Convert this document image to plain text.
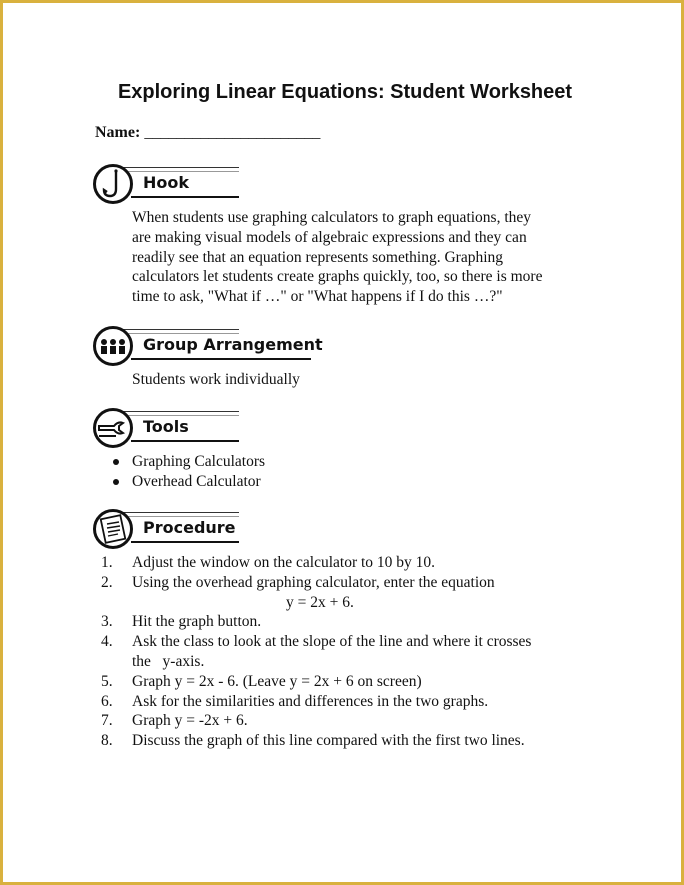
Exploring Linear Equations: Student Worksheet
Name: ______________________
Hook
When students use graphing calculators to graph equations, they
are making visual models of algebraic expressions and they can
readily see that an equation represents something. Graphing
calculators let students create graphs quickly, too, so there is more
time to ask, "What if …" or "What happens if I do this …?"
Group Arrangement
Students work individually
Tools
Graphing Calculators
Overhead Calculator
Procedure
1. Adjust the window on the calculator to 10 by 10.
2. Using the overhead graphing calculator, enter the equation
y = 2x + 6.
3. Hit the graph button.
4. Ask the class to look at the slope of the line and where it crosses
the   y-axis.
5. Graph y = 2x - 6. (Leave y = 2x + 6 on screen)
6. Ask for the similarities and differences in the two graphs.
7. Graph y = -2x + 6.
8. Discuss the graph of this line compared with the first two lines.
